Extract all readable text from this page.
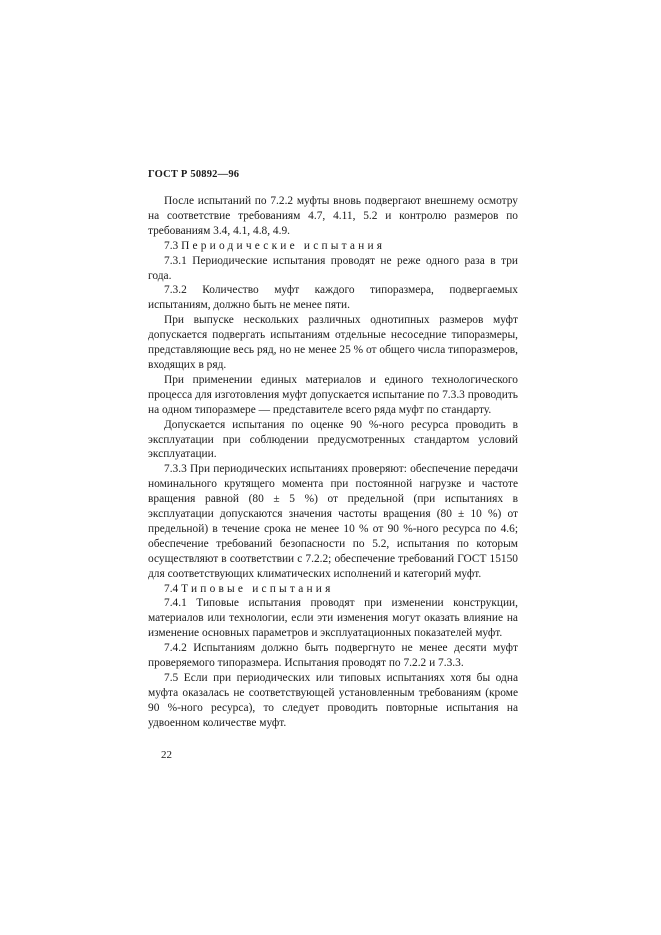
ГОСТ Р 50892—96

После испытаний по 7.2.2 муфты вновь подвергают внешнему осмотру на соответствие требованиям 4.7, 4.11, 5.2 и контролю размеров по требованиям 3.4, 4.1, 4.8, 4.9.

7.3 Периодические испытания

7.3.1 Периодические испытания проводят не реже одного раза в три года.

7.3.2 Количество муфт каждого типоразмера, подвергаемых испытаниям, должно быть не менее пяти.

При выпуске нескольких различных однотипных размеров муфт допускается подвергать испытаниям отдельные несоседние типоразмеры, представляющие весь ряд, но не менее 25 % от общего числа типоразмеров, входящих в ряд.

При применении единых материалов и единого технологического процесса для изготовления муфт допускается испытание по 7.3.3 проводить на одном типоразмере — представителе всего ряда муфт по стандарту.

Допускается испытания по оценке 90 %-ного ресурса проводить в эксплуатации при соблюдении предусмотренных стандартом условий эксплуатации.

7.3.3 При периодических испытаниях проверяют: обеспечение передачи номинального крутящего момента при постоянной нагрузке и частоте вращения равной (80 ± 5 %) от предельной (при испытаниях в эксплуатации допускаются значения частоты вращения (80 ± 10 %) от предельной) в течение срока не менее 10 % от 90 %-ного ресурса по 4.6; обеспечение требований безопасности по 5.2, испытания по которым осуществляют в соответствии с 7.2.2; обеспечение требований ГОСТ 15150 для соответствующих климатических исполнений и категорий муфт.

7.4 Типовые испытания

7.4.1 Типовые испытания проводят при изменении конструкции, материалов или технологии, если эти изменения могут оказать влияние на изменение основных параметров и эксплуатационных показателей муфт.

7.4.2 Испытаниям должно быть подвергнуто не менее десяти муфт проверяемого типоразмера. Испытания проводят по 7.2.2 и 7.3.3.

7.5 Если при периодических или типовых испытаниях хотя бы одна муфта оказалась не соответствующей установленным требованиям (кроме 90 %-ного ресурса), то следует проводить повторные испытания на удвоенном количестве муфт.

22
